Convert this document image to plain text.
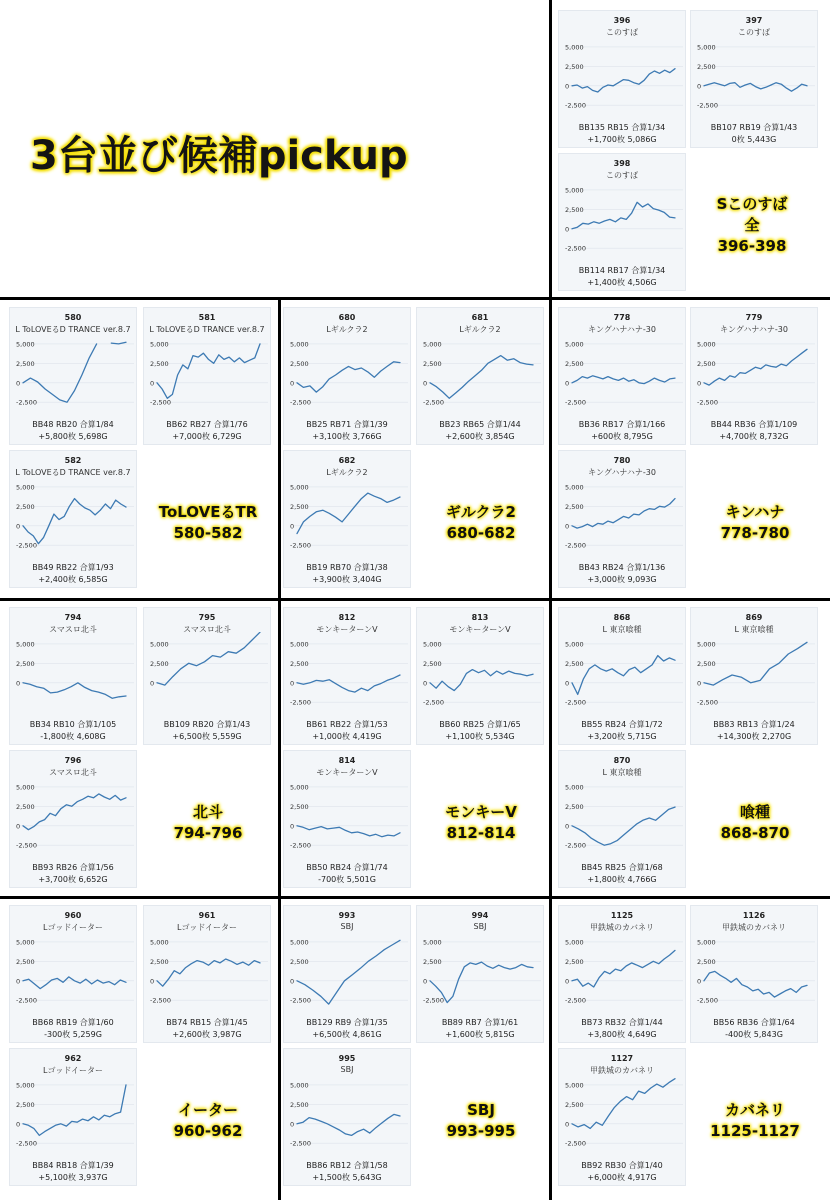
3台並び候補pickup
396
このすば
5,000
2,500
0
-2,500
BB135 RB15 合算1/34
+1,700枚 5,086G
397
このすば
5,000
2,500
0
-2,500
BB107 RB19 合算1/43
0枚 5,443G
398
このすば
5,000
2,500
0
-2,500
BB114 RB17 合算1/34
+1,400枚 4,506G
580
L ToLOVEるD TRANCE ver.8.7
5,000
2,500
0
-2,500
BB48 RB20 合算1/84
+5,800枚 5,698G
581
L ToLOVEるD TRANCE ver.8.7
5,000
2,500
0
-2,500
BB62 RB27 合算1/76
+7,000枚 6,729G
582
L ToLOVEるD TRANCE ver.8.7
5,000
2,500
0
-2,500
BB49 RB22 合算1/93
+2,400枚 6,585G
680
Lギルクラ2
5,000
2,500
0
-2,500
BB25 RB71 合算1/39
+3,100枚 3,766G
681
Lギルクラ2
5,000
2,500
0
-2,500
BB23 RB65 合算1/44
+2,600枚 3,854G
682
Lギルクラ2
5,000
2,500
0
-2,500
BB19 RB70 合算1/38
+3,900枚 3,404G
778
キングハナハナ-30
5,000
2,500
0
-2,500
BB36 RB17 合算1/166
+600枚 8,795G
779
キングハナハナ-30
5,000
2,500
0
-2,500
BB44 RB36 合算1/109
+4,700枚 8,732G
780
キングハナハナ-30
5,000
2,500
0
-2,500
BB43 RB24 合算1/136
+3,000枚 9,093G
794
スマスロ北斗
5,000
2,500
0
BB34 RB10 合算1/105
-1,800枚 4,608G
795
スマスロ北斗
5,000
2,500
0
BB109 RB20 合算1/43
+6,500枚 5,559G
796
スマスロ北斗
5,000
2,500
0
-2,500
BB93 RB26 合算1/56
+3,700枚 6,652G
812
モンキーターンV
5,000
2,500
0
-2,500
BB61 RB22 合算1/53
+1,000枚 4,419G
813
モンキーターンV
5,000
2,500
0
-2,500
BB60 RB25 合算1/65
+1,100枚 5,534G
814
モンキーターンV
5,000
2,500
0
-2,500
BB50 RB24 合算1/74
-700枚 5,501G
868
L 東京喰種
5,000
2,500
0
-2,500
BB55 RB24 合算1/72
+3,200枚 5,715G
869
L 東京喰種
5,000
2,500
0
-2,500
BB83 RB13 合算1/24
+14,300枚 2,270G
870
L 東京喰種
5,000
2,500
0
-2,500
BB45 RB25 合算1/68
+1,800枚 4,766G
960
Lゴッドイーター
5,000
2,500
0
-2,500
BB68 RB19 合算1/60
-300枚 5,259G
961
Lゴッドイーター
5,000
2,500
0
-2,500
BB74 RB15 合算1/45
+2,600枚 3,987G
962
Lゴッドイーター
5,000
2,500
0
-2,500
BB84 RB18 合算1/39
+5,100枚 3,937G
993
SBJ
5,000
2,500
0
-2,500
BB129 RB9 合算1/35
+6,500枚 4,861G
994
SBJ
5,000
2,500
0
-2,500
BB89 RB7 合算1/61
+1,600枚 5,815G
995
SBJ
5,000
2,500
0
-2,500
BB86 RB12 合算1/58
+1,500枚 5,643G
1125
甲鉄城のカバネリ
5,000
2,500
0
-2,500
BB73 RB32 合算1/44
+3,800枚 4,649G
1126
甲鉄城のカバネリ
5,000
2,500
0
-2,500
BB56 RB36 合算1/64
-400枚 5,843G
1127
甲鉄城のカバネリ
5,000
2,500
0
-2,500
BB92 RB30 合算1/40
+6,000枚 4,917G
Sこのすば
全
396-398
ToLOVEるTR
580-582
ギルクラ2
680-682
キンハナ
778-780
北斗
794-796
モンキーV
812-814
喰種
868-870
イーター
960-962
SBJ
993-995
カバネリ
1125-1127
